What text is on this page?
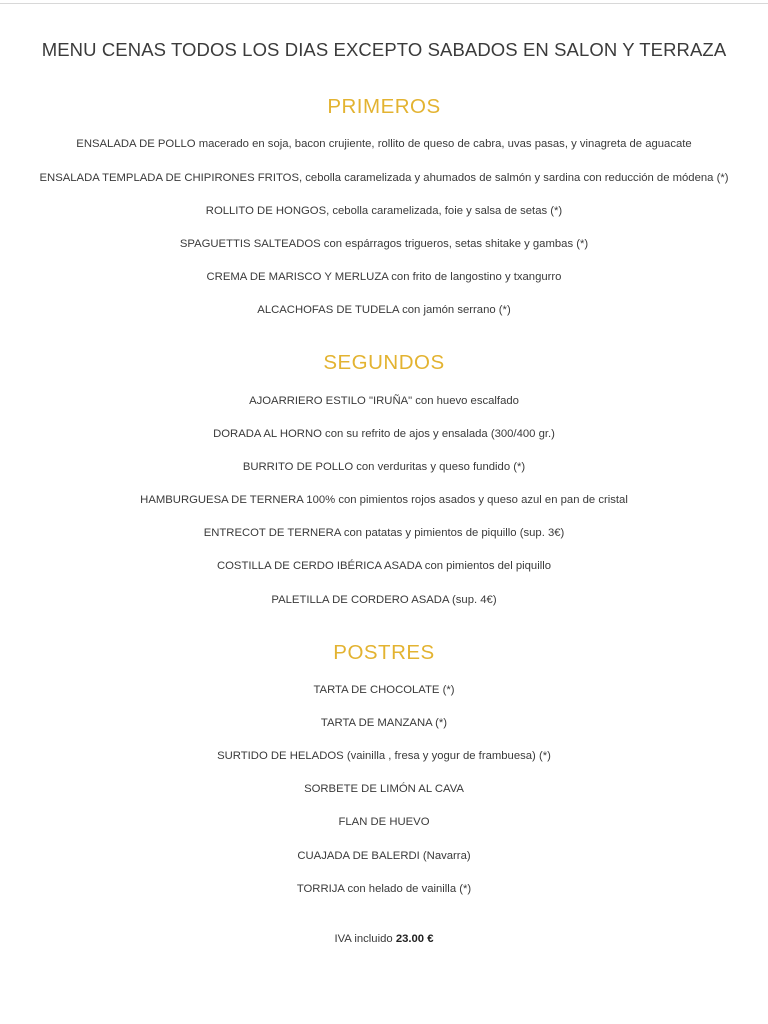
MENU CENAS TODOS LOS DIAS EXCEPTO SABADOS EN SALON Y TERRAZA
PRIMEROS
ENSALADA DE POLLO macerado en soja, bacon crujiente, rollito de queso de cabra, uvas pasas, y vinagreta de aguacate
ENSALADA TEMPLADA DE CHIPIRONES FRITOS, cebolla caramelizada y ahumados de salmón y sardina con reducción de módena (*)
ROLLITO DE HONGOS, cebolla caramelizada, foie y salsa de setas (*)
SPAGUETTIS SALTEADOS con espárragos trigueros, setas shitake y gambas (*)
CREMA DE MARISCO Y MERLUZA con frito de langostino y txangurro
ALCACHOFAS DE TUDELA con jamón serrano (*)
SEGUNDOS
AJOARRIERO ESTILO "IRUÑA" con huevo escalfado
DORADA AL HORNO con su refrito de ajos y ensalada (300/400 gr.)
BURRITO DE POLLO con verduritas y queso fundido (*)
HAMBURGUESA DE TERNERA 100% con pimientos rojos asados y queso azul en pan de cristal
ENTRECOT DE TERNERA con patatas y pimientos de piquillo (sup. 3€)
COSTILLA DE CERDO IBÉRICA ASADA con pimientos del piquillo
PALETILLA DE CORDERO ASADA (sup. 4€)
POSTRES
TARTA DE CHOCOLATE (*)
TARTA DE MANZANA (*)
SURTIDO DE HELADOS (vainilla , fresa y yogur de frambuesa) (*)
SORBETE DE LIMÓN AL CAVA
FLAN DE HUEVO
CUAJADA DE BALERDI (Navarra)
TORRIJA con helado de vainilla (*)
IVA incluido 23.00 €
